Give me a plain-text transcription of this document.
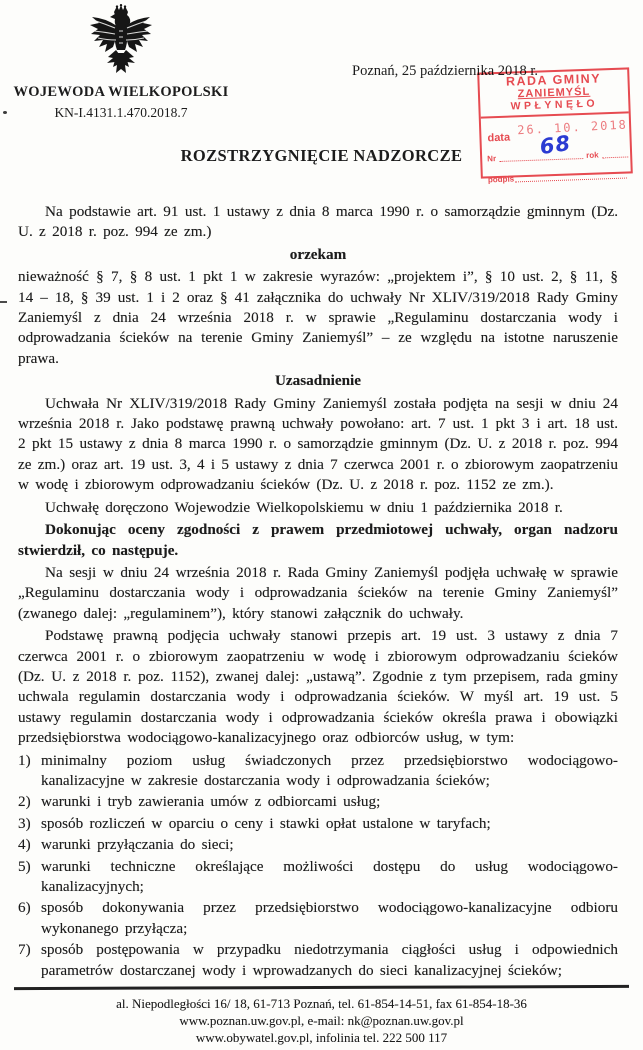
WOJEWODA WIELKOPOLSKI
KN-I.4131.1.470.2018.7
Poznań, 25 października 2018 r.
RADA GMINY
ZANIEMYŚL
WPŁYNĘŁO
data
26. 10. 2018
Nr 68 rok
podpis
ROZSTRZYGNIĘCIE NADZORCZE

Na podstawie art. 91 ust. 1 ustawy z dnia 8 marca 1990 r. o samorządzie gminnym (Dz. U. z 2018 r. poz. 994 ze zm.)

orzekam

nieważność § 7, § 8 ust. 1 pkt 1 w zakresie wyrazów: „projektem i”, § 10 ust. 2, § 11, § 14 – 18, § 39 ust. 1 i 2 oraz § 41 załącznika do uchwały Nr XLIV/319/2018 Rady Gminy Zaniemyśl z dnia 24 września 2018 r. w sprawie „Regulaminu dostarczania wody i odprowadzania ścieków na terenie Gminy Zaniemyśl” – ze względu na istotne naruszenie prawa.

Uzasadnienie

Uchwała Nr XLIV/319/2018 Rady Gminy Zaniemyśl została podjęta na sesji w dniu 24 września 2018 r. Jako podstawę prawną uchwały powołano: art. 7 ust. 1 pkt 3 i art. 18 ust. 2 pkt 15 ustawy z dnia 8 marca 1990 r. o samorządzie gminnym (Dz. U. z 2018 r. poz. 994 ze zm.) oraz art. 19 ust. 3, 4 i 5 ustawy z dnia 7 czerwca 2001 r. o zbiorowym zaopatrzeniu w wodę i zbiorowym odprowadzaniu ścieków (Dz. U. z 2018 r. poz. 1152 ze zm.).

Uchwałę doręczono Wojewodzie Wielkopolskiemu w dniu 1 października 2018 r.

Dokonując oceny zgodności z prawem przedmiotowej uchwały, organ nadzoru stwierdził, co następuje.

Na sesji w dniu 24 września 2018 r. Rada Gminy Zaniemyśl podjęła uchwałę w sprawie „Regulaminu dostarczania wody i odprowadzania ścieków na terenie Gminy Zaniemyśl” (zwanego dalej: „regulaminem”), który stanowi załącznik do uchwały.

Podstawę prawną podjęcia uchwały stanowi przepis art. 19 ust. 3 ustawy z dnia 7 czerwca 2001 r. o zbiorowym zaopatrzeniu w wodę i zbiorowym odprowadzaniu ścieków (Dz. U. z 2018 r. poz. 1152), zwanej dalej: „ustawą”. Zgodnie z tym przepisem, rada gminy uchwala regulamin dostarczania wody i odprowadzania ścieków. W myśl art. 19 ust. 5 ustawy regulamin dostarczania wody i odprowadzania ścieków określa prawa i obowiązki przedsiębiorstwa wodociągowo-kanalizacyjnego oraz odbiorców usług, w tym:

1) minimalny poziom usług świadczonych przez przedsiębiorstwo wodociągowo-kanalizacyjne w zakresie dostarczania wody i odprowadzania ścieków;
2) warunki i tryb zawierania umów z odbiorcami usług;
3) sposób rozliczeń w oparciu o ceny i stawki opłat ustalone w taryfach;
4) warunki przyłączania do sieci;
5) warunki techniczne określające możliwości dostępu do usług wodociągowo-kanalizacyjnych;
6) sposób dokonywania przez przedsiębiorstwo wodociągowo-kanalizacyjne odbioru wykonanego przyłącza;
7) sposób postępowania w przypadku niedotrzymania ciągłości usług i odpowiednich parametrów dostarczanej wody i wprowadzanych do sieci kanalizacyjnej ścieków;
al. Niepodległości 16/ 18, 61-713 Poznań, tel. 61-854-14-51, fax 61-854-18-36
www.poznan.uw.gov.pl, e-mail: nk@poznan.uw.gov.pl
www.obywatel.gov.pl, infolinia tel. 222 500 117
